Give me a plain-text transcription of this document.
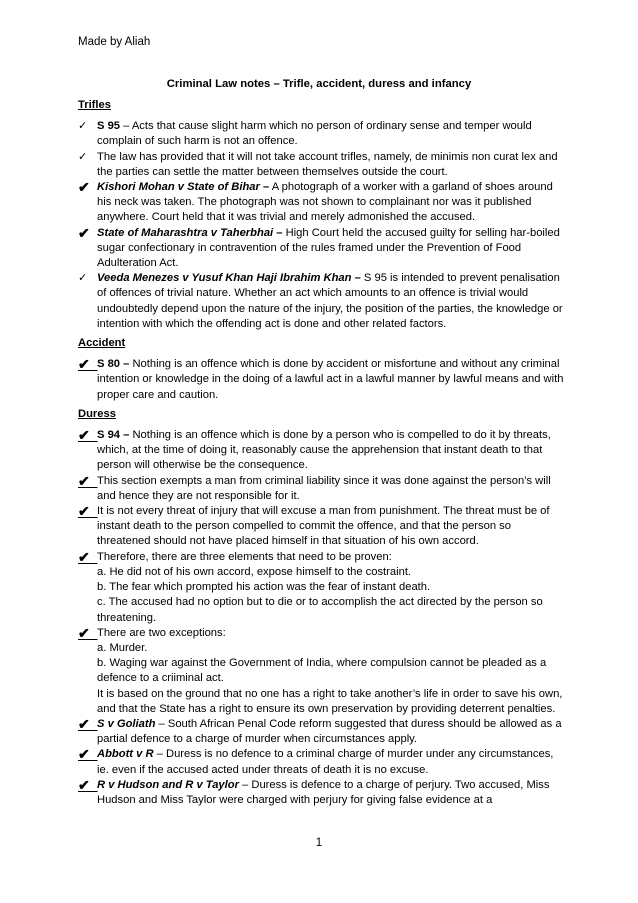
Made by Aliah
Criminal Law notes – Trifle, accident, duress and infancy
Trifles
✓ S 95 – Acts that cause slight harm which no person of ordinary sense and temper would complain of such harm is not an offence.
✓ The law has provided that it will not take account trifles, namely, de minimis non curat lex and the parties can settle the matter between themselves outside the court.
✔ Kishori Mohan v State of Bihar – A photograph of a worker with a garland of shoes around his neck was taken. The photograph was not shown to complainant nor was it published anywhere. Court held that it was trivial and merely admonished the accused.
✔ State of Maharashtra v Taherbhai – High Court held the accused guilty for selling har-boiled sugar confectionary in contravention of the rules framed under the Prevention of Food Adulteration Act.
✓ Veeda Menezes v Yusuf Khan Haji Ibrahim Khan – S 95 is intended to prevent penalisation of offences of trivial nature. Whether an act which amounts to an offence is trivial would undoubtedly depend upon the nature of the injury, the position of the parties, the knowledge or intention with which the offending act is done and other related factors.
Accident
✔ S 80 – Nothing is an offence which is done by accident or misfortune and without any criminal intention or knowledge in the doing of a lawful act in a lawful manner by lawful means and with proper care and caution.
Duress
✔ S 94 – Nothing is an offence which is done by a person who is compelled to do it by threats, which, at the time of doing it, reasonably cause the apprehension that instant death to that person will otherwise be the consequence.
✔ This section exempts a man from criminal liability since it was done against the person’s will and hence they are not responsible for it.
✔ It is not every threat of injury that will excuse a man from punishment. The threat must be of instant death to the person compelled to commit the offence, and that the person so threatened should not have placed himself in that situation of his own accord.
✔ Therefore, there are three elements that need to be proven:
a. He did not of his own accord, expose himself to the costraint.
b. The fear which prompted his action was the fear of instant death.
c. The accused had no option but to die or to accomplish the act directed by the person so threatening.
✔ There are two exceptions:
a. Murder.
b. Waging war against the Government of India, where compulsion cannot be pleaded as a defence to a criiminal act.
It is based on the ground that no one has a right to take another’s life in order to save his own, and that the State has a right to ensure its own preservation by providing deterrent penalties.
✔ S v Goliath – South African Penal Code reform suggested that duress should be allowed as a partial defence to a charge of murder when circumstances apply.
✔ Abbott v R – Duress is no defence to a criminal charge of murder under any circumstances, ie. even if the accused acted under threats of death it is no excuse.
✔ R v Hudson and R v Taylor – Duress is defence to a charge of perjury. Two accused, Miss Hudson and Miss Taylor were charged with perjury for giving false evidence at a
1
